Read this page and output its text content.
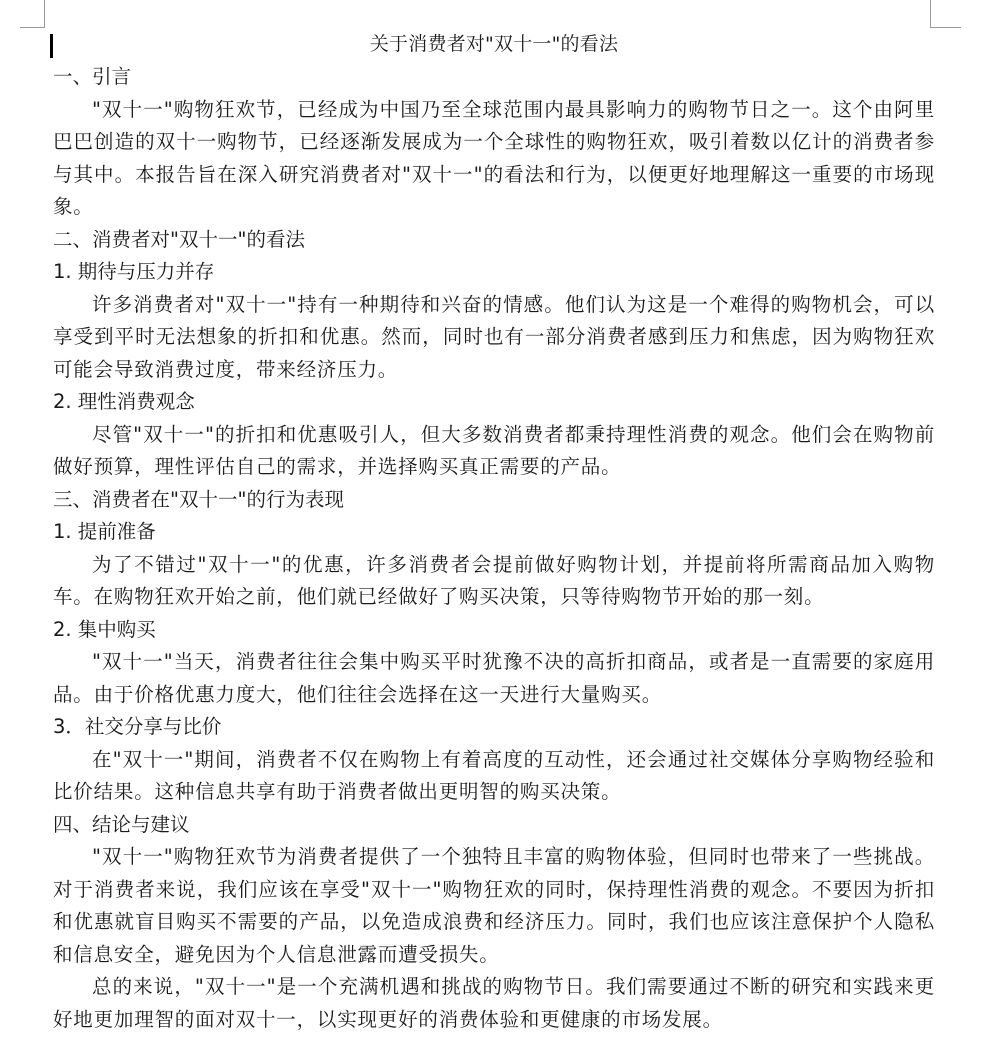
关于消费者对"双十一"的看法

一、引言

"双十一"购物狂欢节，已经成为中国乃至全球范围内最具影响力的购物节日之一。这个由阿里巴巴创造的双十一购物节，已经逐渐发展成为一个全球性的购物狂欢，吸引着数以亿计的消费者参与其中。本报告旨在深入研究消费者对"双十一"的看法和行为，以便更好地理解这一重要的市场现象。

二、消费者对"双十一"的看法

1. 期待与压力并存

许多消费者对"双十一"持有一种期待和兴奋的情感。他们认为这是一个难得的购物机会，可以享受到平时无法想象的折扣和优惠。然而，同时也有一部分消费者感到压力和焦虑，因为购物狂欢可能会导致消费过度，带来经济压力。

2. 理性消费观念

尽管"双十一"的折扣和优惠吸引人，但大多数消费者都秉持理性消费的观念。他们会在购物前做好预算，理性评估自己的需求，并选择购买真正需要的产品。

三、消费者在"双十一"的行为表现

1. 提前准备

为了不错过"双十一"的优惠，许多消费者会提前做好购物计划，并提前将所需商品加入购物车。在购物狂欢开始之前，他们就已经做好了购买决策，只等待购物节开始的那一刻。

2. 集中购买

"双十一"当天，消费者往往会集中购买平时犹豫不决的高折扣商品，或者是一直需要的家庭用品。由于价格优惠力度大，他们往往会选择在这一天进行大量购买。

3．社交分享与比价

在"双十一"期间，消费者不仅在购物上有着高度的互动性，还会通过社交媒体分享购物经验和比价结果。这种信息共享有助于消费者做出更明智的购买决策。

四、结论与建议

"双十一"购物狂欢节为消费者提供了一个独特且丰富的购物体验，但同时也带来了一些挑战。对于消费者来说，我们应该在享受"双十一"购物狂欢的同时，保持理性消费的观念。不要因为折扣和优惠就盲目购买不需要的产品，以免造成浪费和经济压力。同时，我们也应该注意保护个人隐私和信息安全，避免因为个人信息泄露而遭受损失。

总的来说，"双十一"是一个充满机遇和挑战的购物节日。我们需要通过不断的研究和实践来更好地更加理智的面对双十一，以实现更好的消费体验和更健康的市场发展。
